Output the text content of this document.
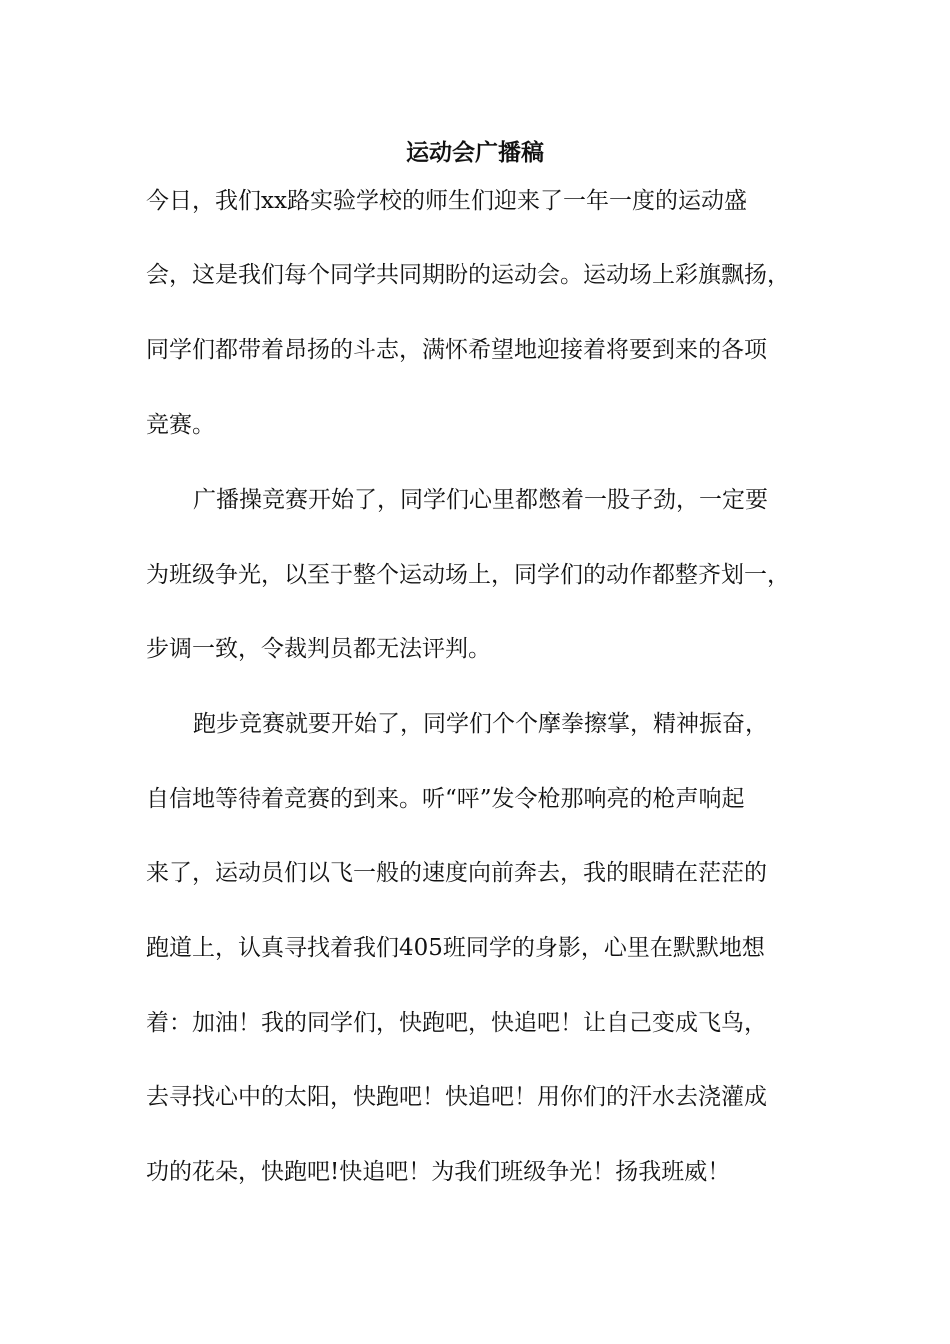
运动会广播稿

今日，我们xx路实验学校的师生们迎来了一年一度的运动盛

会，这是我们每个同学共同期盼的运动会。运动场上彩旗飘扬，

同学们都带着昂扬的斗志，满怀希望地迎接着将要到来的各项

竞赛。

广播操竞赛开始了，同学们心里都憋着一股子劲，一定要

为班级争光，以至于整个运动场上，同学们的动作都整齐划一，

步调一致，令裁判员都无法评判。

跑步竞赛就要开始了，同学们个个摩拳擦掌，精神振奋，

自信地等待着竞赛的到来。听“呯”发令枪那响亮的枪声响起

来了，运动员们以飞一般的速度向前奔去，我的眼睛在茫茫的

跑道上，认真寻找着我们405班同学的身影，心里在默默地想

着：加油！我的同学们，快跑吧，快追吧！让自己变成飞鸟，

去寻找心中的太阳，快跑吧！快追吧！用你们的汗水去浇灌成

功的花朵，快跑吧!快追吧！为我们班级争光！扬我班威！
